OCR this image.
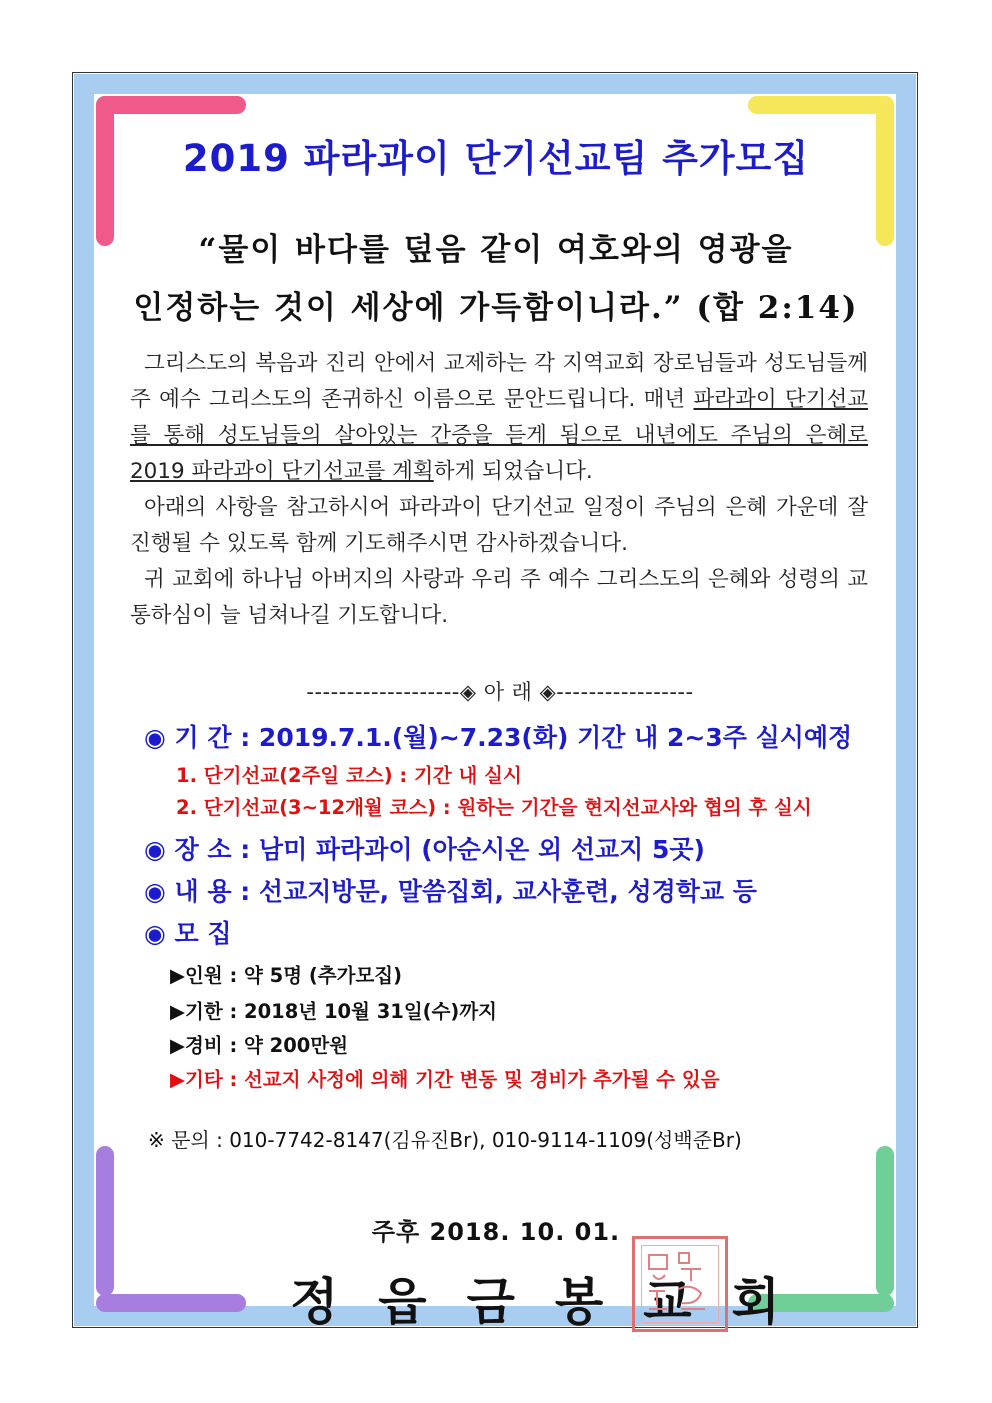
2019 파라과이 단기선교팀 추가모집
“물이 바다를 덮음 같이 여호와의 영광을
인정하는 것이 세상에 가득함이니라.” (합 2:14)

그리스도의 복음과 진리 안에서 교제하는 각 지역교회 장로님들과 성도님들께 주 예수 그리스도의 존귀하신 이름으로 문안드립니다. 매년 파라과이 단기선교를 통해 성도님들의 살아있는 간증을 듣게 됨으로 내년에도 주님의 은혜로 2019 파라과이 단기선교를 계획하게 되었습니다.

아래의 사항을 참고하시어 파라과이 단기선교 일정이 주님의 은혜 가운데 잘 진행될 수 있도록 함께 기도해주시면 감사하겠습니다.

귀 교회에 하나님 아버지의 사랑과 우리 주 예수 그리스도의 은혜와 성령의 교통하심이 늘 넘쳐나길 기도합니다.

-------------------◈ 아 래 ◈-----------------
◉ 기 간 : 2019.7.1.(월)~7.23(화) 기간 내 2~3주 실시예정
1. 단기선교(2주일 코스) : 기간 내 실시
2. 단기선교(3~12개월 코스) : 원하는 기간을 현지선교사와 협의 후 실시
◉ 장 소 : 남미 파라과이 (아순시온 외 선교지 5곳)
◉ 내 용 : 선교지방문, 말씀집회, 교사훈련, 성경학교 등
◉ 모 집
▶인원 : 약 5명 (추가모집)
▶기한 : 2018년 10월 31일(수)까지
▶경비 : 약 200만원
▶기타 : 선교지 사정에 의해 기간 변동 및 경비가 추가될 수 있음
※ 문의 : 010-7742-8147(김유진Br), 010-9114-1109(성백준Br)
주후 2018. 10. 01.
정읍금봉교회
